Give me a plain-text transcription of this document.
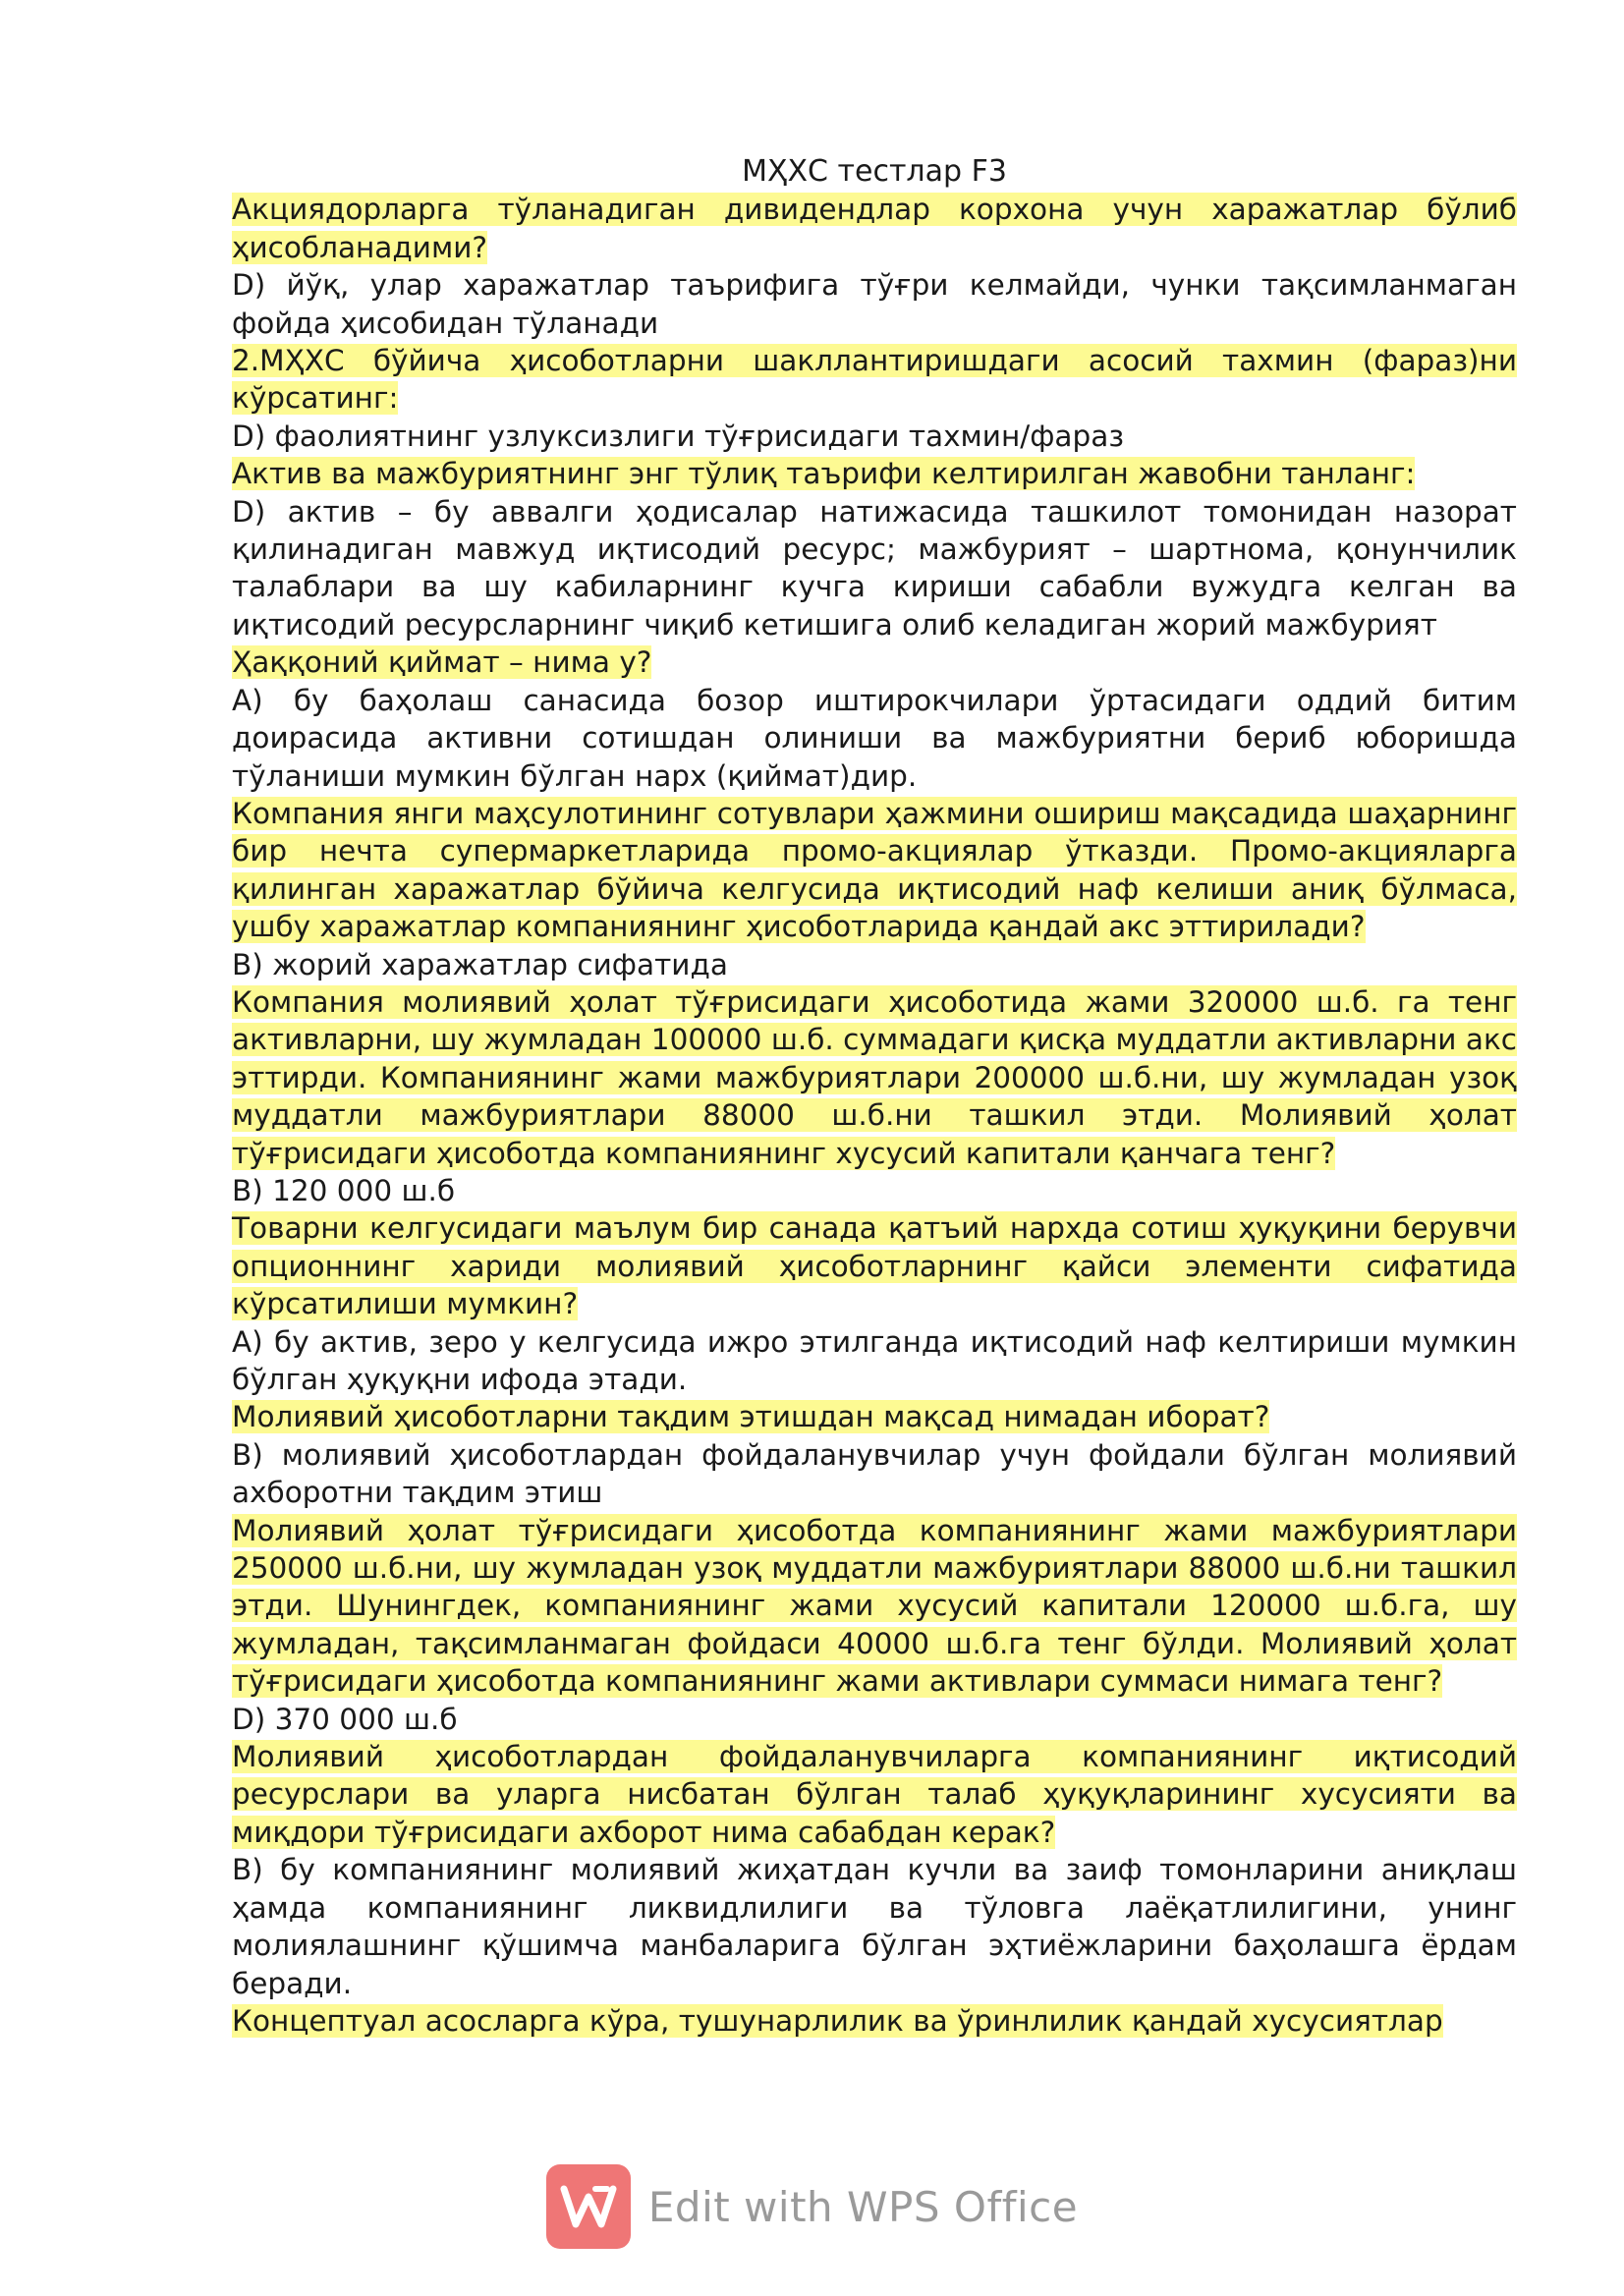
МҲХС тестлар F3

Акциядорларга тўланадиган дивидендлар корхона учун харажатлар бўлиб ҳисобланадими?

D) йўқ, улар харажатлар таърифига тўғри келмайди, чунки тақсимланмаган фойда ҳисобидан тўланади

2.МҲХС бўйича ҳисоботларни шакллантиришдаги асосий тахмин (фараз)ни кўрсатинг:

D) фаолиятнинг узлуксизлиги тўғрисидаги тахмин/фараз

Актив ва мажбуриятнинг энг тўлиқ таърифи келтирилган жавобни танланг:

D) актив – бу аввалги ҳодисалар натижасида ташкилот томонидан назорат қилинадиган мавжуд иқтисодий ресурс; мажбурият – шартнома, қонунчилик талаблари ва шу кабиларнинг кучга кириши сабабли вужудга келган ва иқтисодий ресурсларнинг чиқиб кетишига олиб келадиган жорий мажбурият

Ҳаққоний қиймат – нима у?

А) бу баҳолаш санасида бозор иштирокчилари ўртасидаги оддий битим доирасида активни сотишдан олиниши ва мажбуриятни бериб юборишда тўланиши мумкин бўлган нарх (қиймат)дир.

Компания янги маҳсулотининг сотувлари ҳажмини ошириш мақсадида шаҳарнинг бир нечта супермаркетларида промо-акциялар ўтказди. Промо-акцияларга қилинган харажатлар бўйича келгусида иқтисодий наф келиши аниқ бўлмаса, ушбу харажатлар компаниянинг ҳисоботларида қандай акс эттирилади?

В) жорий харажатлар сифатида

Компания молиявий ҳолат тўғрисидаги ҳисоботида жами 320000 ш.б. га тенг активларни, шу жумладан 100000 ш.б. суммадаги қисқа муддатли активларни акс эттирди. Компаниянинг жами мажбуриятлари 200000 ш.б.ни, шу жумладан узоқ муддатли мажбуриятлари 88000 ш.б.ни ташкил этди. Молиявий ҳолат тўғрисидаги ҳисоботда компаниянинг хусусий капитали қанчага тенг?

В) 120 000 ш.б

Товарни келгусидаги маълум бир санада қатъий нархда сотиш ҳуқуқини берувчи опционнинг хариди молиявий ҳисоботларнинг қайси элементи сифатида кўрсатилиши мумкин?

А) бу актив, зеро у келгусида ижро этилганда иқтисодий наф келтириши мумкин бўлган ҳуқуқни ифода этади.

Молиявий ҳисоботларни тақдим этишдан мақсад нимадан иборат?

В) молиявий ҳисоботлардан фойдаланувчилар учун фойдали бўлган молиявий ахборотни тақдим этиш

Молиявий ҳолат тўғрисидаги ҳисоботда компаниянинг жами мажбуриятлари 250000 ш.б.ни, шу жумладан узоқ муддатли мажбуриятлари 88000 ш.б.ни ташкил этди. Шунингдек, компаниянинг жами хусусий капитали 120000 ш.б.га, шу жумладан, тақсимланмаган фойдаси 40000 ш.б.га тенг бўлди. Молиявий ҳолат тўғрисидаги ҳисоботда компаниянинг жами активлари суммаси нимага тенг?

D) 370 000 ш.б

Молиявий ҳисоботлардан фойдаланувчиларга компаниянинг иқтисодий ресурслари ва уларга нисбатан бўлган талаб ҳуқуқларининг хусусияти ва миқдори тўғрисидаги ахборот нима сабабдан керак?

В) бу компаниянинг молиявий жиҳатдан кучли ва заиф томонларини аниқлаш ҳамда компаниянинг ликвидлилиги ва тўловга лаёқатлилигини, унинг молиялашнинг қўшимча манбаларига бўлган эҳтиёжларини баҳолашга ёрдам беради.

Концептуал асосларга кўра, тушунарлилик ва ўринлилик қандай хусусиятлар

Edit with WPS Office
